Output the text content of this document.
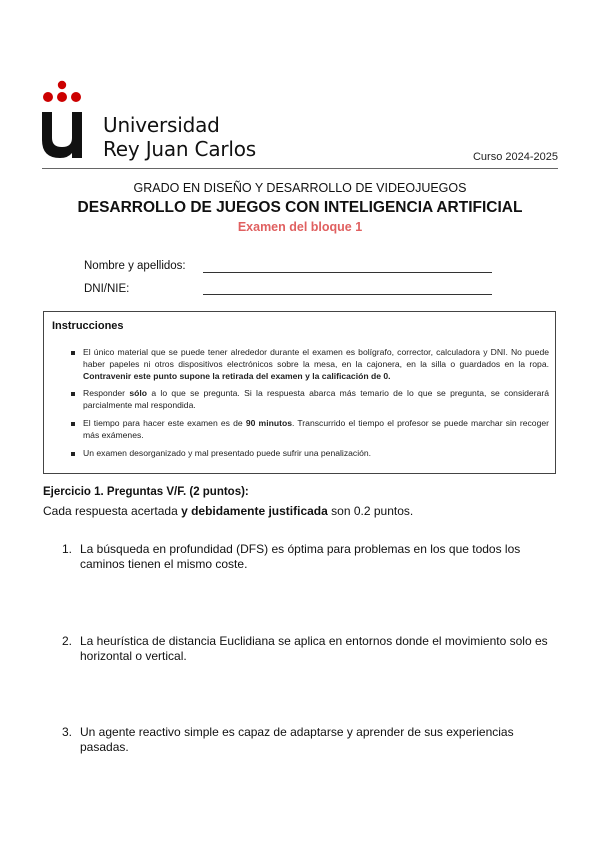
Universidad
Rey Juan Carlos	Curso 2024-2025
GRADO EN DISEÑO Y DESARROLLO DE VIDEOJUEGOS
DESARROLLO DE JUEGOS CON INTELIGENCIA ARTIFICIAL
Examen del bloque 1
Nombre y apellidos:
DNI/NIE:
Instrucciones
El único material que se puede tener alrededor durante el examen es bolígrafo, corrector, calculadora y DNI. No puede haber papeles ni otros dispositivos electrónicos sobre la mesa, en la cajonera, en la silla o guardados en la ropa. Contravenir este punto supone la retirada del examen y la calificación de 0.
Responder sólo a lo que se pregunta. Si la respuesta abarca más temario de lo que se pregunta, se considerará parcialmente mal respondida.
El tiempo para hacer este examen es de 90 minutos. Transcurrido el tiempo el profesor se puede marchar sin recoger más exámenes.
Un examen desorganizado y mal presentado puede sufrir una penalización.
Ejercicio 1. Preguntas V/F. (2 puntos):
Cada respuesta acertada y debidamente justificada son 0.2 puntos.
1. La búsqueda en profundidad (DFS) es óptima para problemas en los que todos los caminos tienen el mismo coste.
2. La heurística de distancia Euclidiana se aplica en entornos donde el movimiento solo es horizontal o vertical.
3. Un agente reactivo simple es capaz de adaptarse y aprender de sus experiencias pasadas.
